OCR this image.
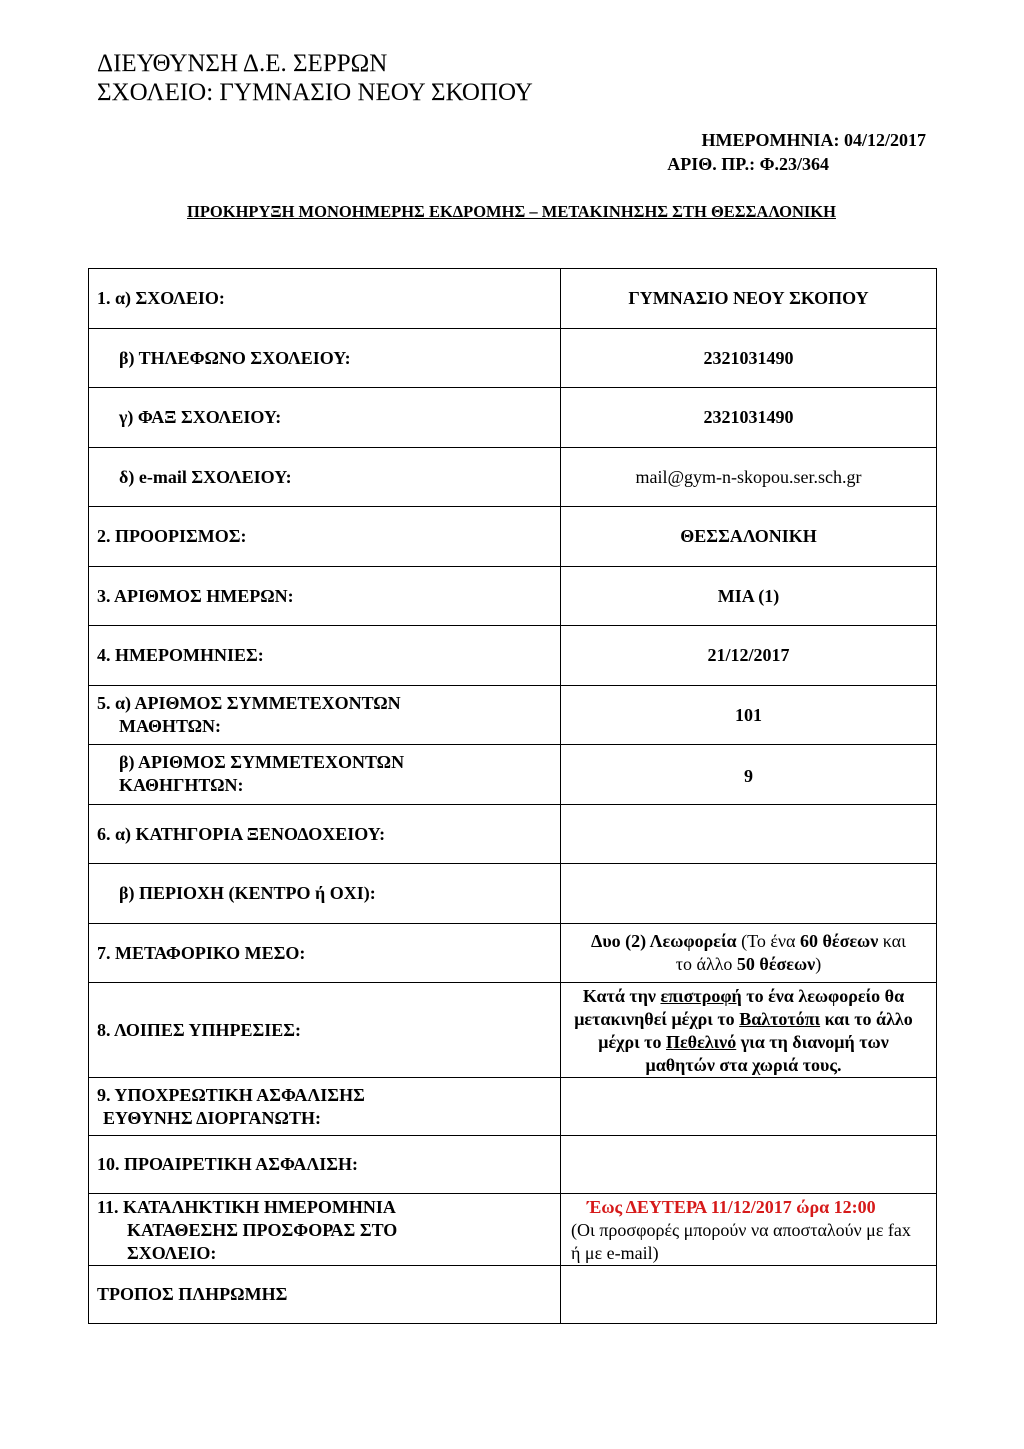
ΔΙΕΥΘΥΝΣΗ Δ.Ε. ΣΕΡΡΩΝ
ΣΧΟΛΕΙΟ: ΓΥΜΝΑΣΙΟ ΝΕΟΥ ΣΚΟΠΟΥ
ΗΜΕΡΟΜΗΝΙΑ: 04/12/2017
ΑΡΙΘ. ΠΡ.: Φ.23/364
ΠΡΟΚΗΡΥΞΗ ΜΟΝΟΗΜΕΡΗΣ ΕΚΔΡΟΜΗΣ – ΜΕΤΑΚΙΝΗΣΗΣ ΣΤΗ ΘΕΣΣΑΛΟΝΙΚΗ
1. α) ΣΧΟΛΕΙΟ:	ΓΥΜΝΑΣΙΟ ΝΕΟΥ ΣΚΟΠΟΥ
β) ΤΗΛΕΦΩΝΟ ΣΧΟΛΕΙΟΥ:	2321031490
γ) ΦΑΞ ΣΧΟΛΕΙΟΥ:	2321031490
δ) e-mail ΣΧΟΛΕΙΟΥ:	mail@gym-n-skopou.ser.sch.gr
2. ΠΡΟΟΡΙΣΜΟΣ:	ΘΕΣΣΑΛΟΝΙΚΗ
3. ΑΡΙΘΜΟΣ ΗΜΕΡΩΝ:	ΜΙΑ (1)
4. ΗΜΕΡΟΜΗΝΙΕΣ:	21/12/2017

5. α) ΑΡΙΘΜΟΣ ΣΥΜΜΕΤΕΧΟΝΤΩΝ
ΜΑΘΗΤΩΝ:	101

β) ΑΡΙΘΜΟΣ ΣΥΜΜΕΤΕΧΟΝΤΩΝ
ΚΑΘΗΓΗΤΩΝ:	9
6. α) ΚΑΤΗΓΟΡΙΑ ΞΕΝΟΔΟΧΕΙΟΥ:	
β) ΠΕΡΙΟΧΗ (ΚΕΝΤΡΟ ή ΟΧΙ):	
7. ΜΕΤΑΦΟΡΙΚΟ ΜΕΣΟ:	Δυο (2) Λεωφορεία (Το ένα 60 θέσεων και
το άλλο 50 θέσεων)
8. ΛΟΙΠΕΣ ΥΠΗΡΕΣΙΕΣ:	Κατά την επιστροφή το ένα λεωφορείο θα μετακινηθεί μέχρι το Βαλτοτόπι και το άλλο μέχρι το Πεθελινό για τη διανομή των μαθητών στα χωριά τους.

9. ΥΠΟΧΡΕΩΤΙΚΗ ΑΣΦΑΛΙΣΗΣ
ΕΥΘΥΝΗΣ ΔΙΟΡΓΑΝΩΤΗ:	

10. ΠΡΟΑΙΡΕΤΙΚΗ ΑΣΦΑΛΙΣΗ:	

11. ΚΑΤΑΛΗΚΤΙΚΗ ΗΜΕΡΟΜΗΝΙΑ
ΚΑΤΑΘΕΣΗΣ ΠΡΟΣΦΟΡΑΣ ΣΤΟ
ΣΧΟΛΕΙΟ:	Έως ΔΕΥΤΕΡΑ 11/12/2017 ώρα 12:00
(Οι προσφορές μπορούν να αποσταλούν με fax ή με e-mail)

ΤΡΟΠΟΣ ΠΛΗΡΩΜΗΣ	
